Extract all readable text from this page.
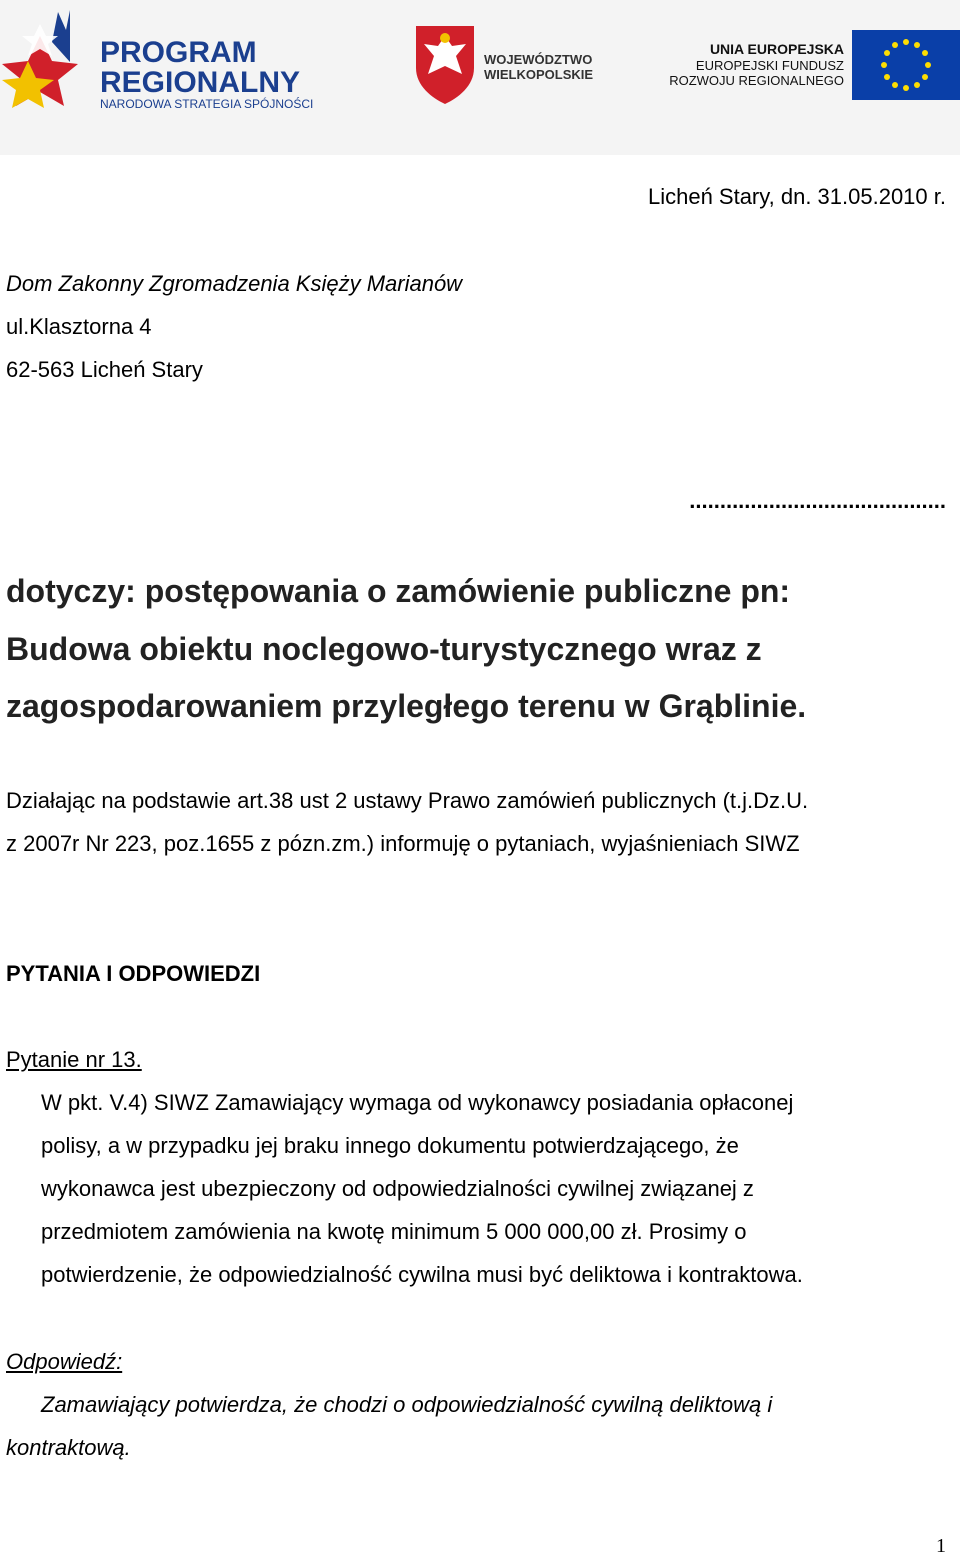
PROGRAM
REGIONALNY
NARODOWA STRATEGIA SPÓJNOŚCI
WOJEWÓDZTWO
WIELKOPOLSKIE
UNIA EUROPEJSKA
EUROPEJSKI FUNDUSZ
ROZWOJU REGIONALNEGO
Licheń Stary, dn. 31.05.2010 r.
Dom Zakonny Zgromadzenia Księży Marianów
ul.Klasztorna 4
62-563 Licheń Stary
..........................................
dotyczy: postępowania o zamówienie publiczne pn:
Budowa obiektu noclegowo-turystycznego wraz z
zagospodarowaniem przyległego terenu w Grąblinie.
Działając na podstawie art.38 ust 2 ustawy Prawo zamówień publicznych (t.j.Dz.U.
z 2007r Nr 223, poz.1655 z pózn.zm.) informuję o pytaniach, wyjaśnieniach SIWZ
PYTANIA I ODPOWIEDZI
Pytanie nr 13.
W pkt. V.4) SIWZ Zamawiający wymaga od wykonawcy posiadania opłaconej
polisy, a w przypadku jej braku innego dokumentu potwierdzającego, że
wykonawca jest ubezpieczony od odpowiedzialności cywilnej związanej z
przedmiotem zamówienia na kwotę minimum 5 000 000,00 zł. Prosimy o
potwierdzenie, że odpowiedzialność cywilna musi być deliktowa i kontraktowa.
Odpowiedź:
Zamawiający potwierdza, że chodzi o odpowiedzialność cywilną deliktową i
kontraktową.
1
